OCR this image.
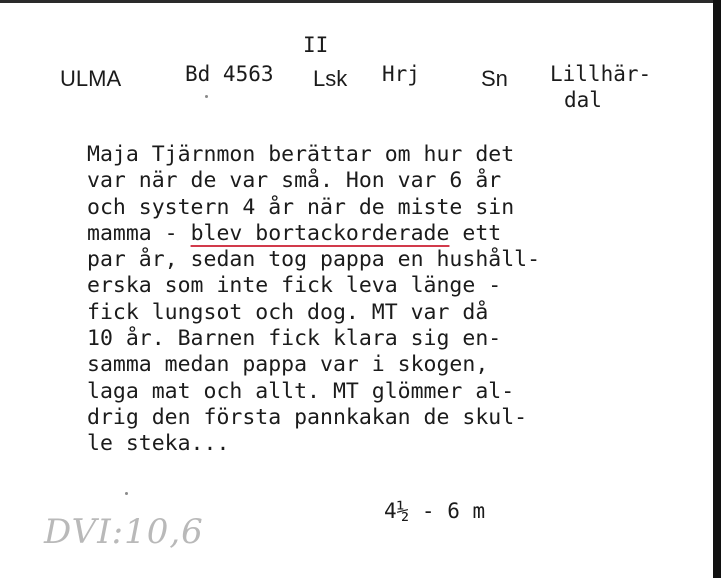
II
ULMA	Bd 4563 Lsk Hrj	Sn Lillhär-
dal
Maja Tjärnmon berättar om hur det
var när de var små. Hon var 6 år
och systern 4 år när de miste sin
mamma - blev bortackorderade ett
par år, sedan tog pappa en hushåll-
erska som inte fick leva länge -
fick lungsot och dog. MT var då
10 år. Barnen fick klara sig en-
samma medan pappa var i skogen,
laga mat och allt. MT glömmer al-
drig den första pannkakan de skul-
le steka...
4½ - 6 m
DVI:10,6
